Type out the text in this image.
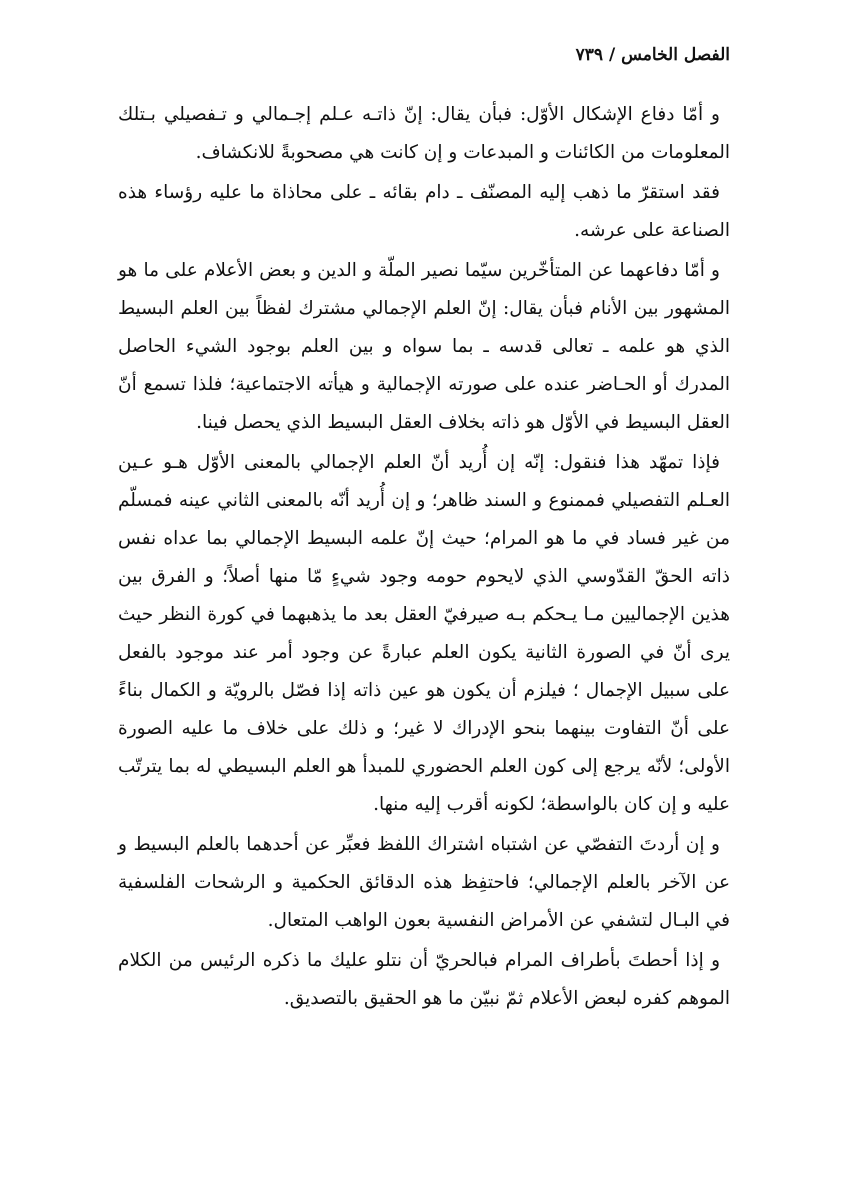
الفصل الخامس / ٧٣٩

و أمّا دفاع الإشكال الأوّل: فبأن يقال: إنّ ذاتـه عـلم إجـمالي و تـفصيلي بـتلك المعلومات من الكائنات و المبدعات و إن كانت هي مصحوبةً للانكشاف.

فقد استقرّ ما ذهب إليه المصنّف ـ دام بقائه ـ على محاذاة ما عليه رؤساء هذه الصناعة على عرشه.

و أمّا دفاعهما عن المتأخّرين سيّما نصير الملّة و الدين و بعض الأعلام على ما هو المشهور بين الأنام فبأن يقال: إنّ العلم الإجمالي مشترك لفظاً بين العلم البسيط الذي هو علمه ـ تعالى قدسه ـ بما سواه و بين العلم بوجود الشيء الحاصل المدرك أو الحـاضر عنده على صورته الإجمالية و هيأته الاجتماعية؛ فلذا تسمع أنّ العقل البسيط في الأوّل هو ذاته بخلاف العقل البسيط الذي يحصل فينا.

فإذا تمهّد هذا فنقول: إنّه إن أُريد أنّ العلم الإجمالي بالمعنى الأوّل هـو عـين العـلم التفصيلي فممنوع و السند ظاهر؛ و إن أُريد أنّه بالمعنى الثاني عينه فمسلّم من غير فساد في ما هو المرام؛ حيث إنّ علمه البسيط الإجمالي بما عداه نفس ذاته الحقّ القدّوسي الذي لايحوم حومه وجود شيءٍ مّا منها أصلاً؛ و الفرق بين هذين الإجماليين مـا يـحكم بـه صيرفيّ العقل بعد ما يذهبهما في كورة النظر حيث يرى أنّ في الصورة الثانية يكون العلم عبارةً عن وجود أمر عند موجود بالفعل على سبيل الإجمال ؛ فيلزم أن يكون هو عين ذاته إذا فصّل بالرويّة و الكمال بناءً على أنّ التفاوت بينهما بنحو الإدراك لا غير؛ و ذلك على خلاف ما عليه الصورة الأولى؛ لأنّه يرجع إلى كون العلم الحضوري للمبدأ هو العلم البسيطي له بما يترتّب عليه و إن كان بالواسطة؛ لكونه أقرب إليه منها.

و إن أردتَ التفصّي عن اشتباه اشتراك اللفظ فعبِّر عن أحدهما بالعلم البسيط و عن الآخر بالعلم الإجمالي؛ فاحتفِظ هذه الدقائق الحكمية و الرشحات الفلسفية في البـال لتشفي عن الأمراض النفسية بعون الواهب المتعال.

و إذا أحطتَ بأطراف المرام فبالحريّ أن نتلو عليك ما ذكره الرئيس من الكلام الموهم كفره لبعض الأعلام ثمّ نبيّن ما هو الحقيق بالتصديق.
